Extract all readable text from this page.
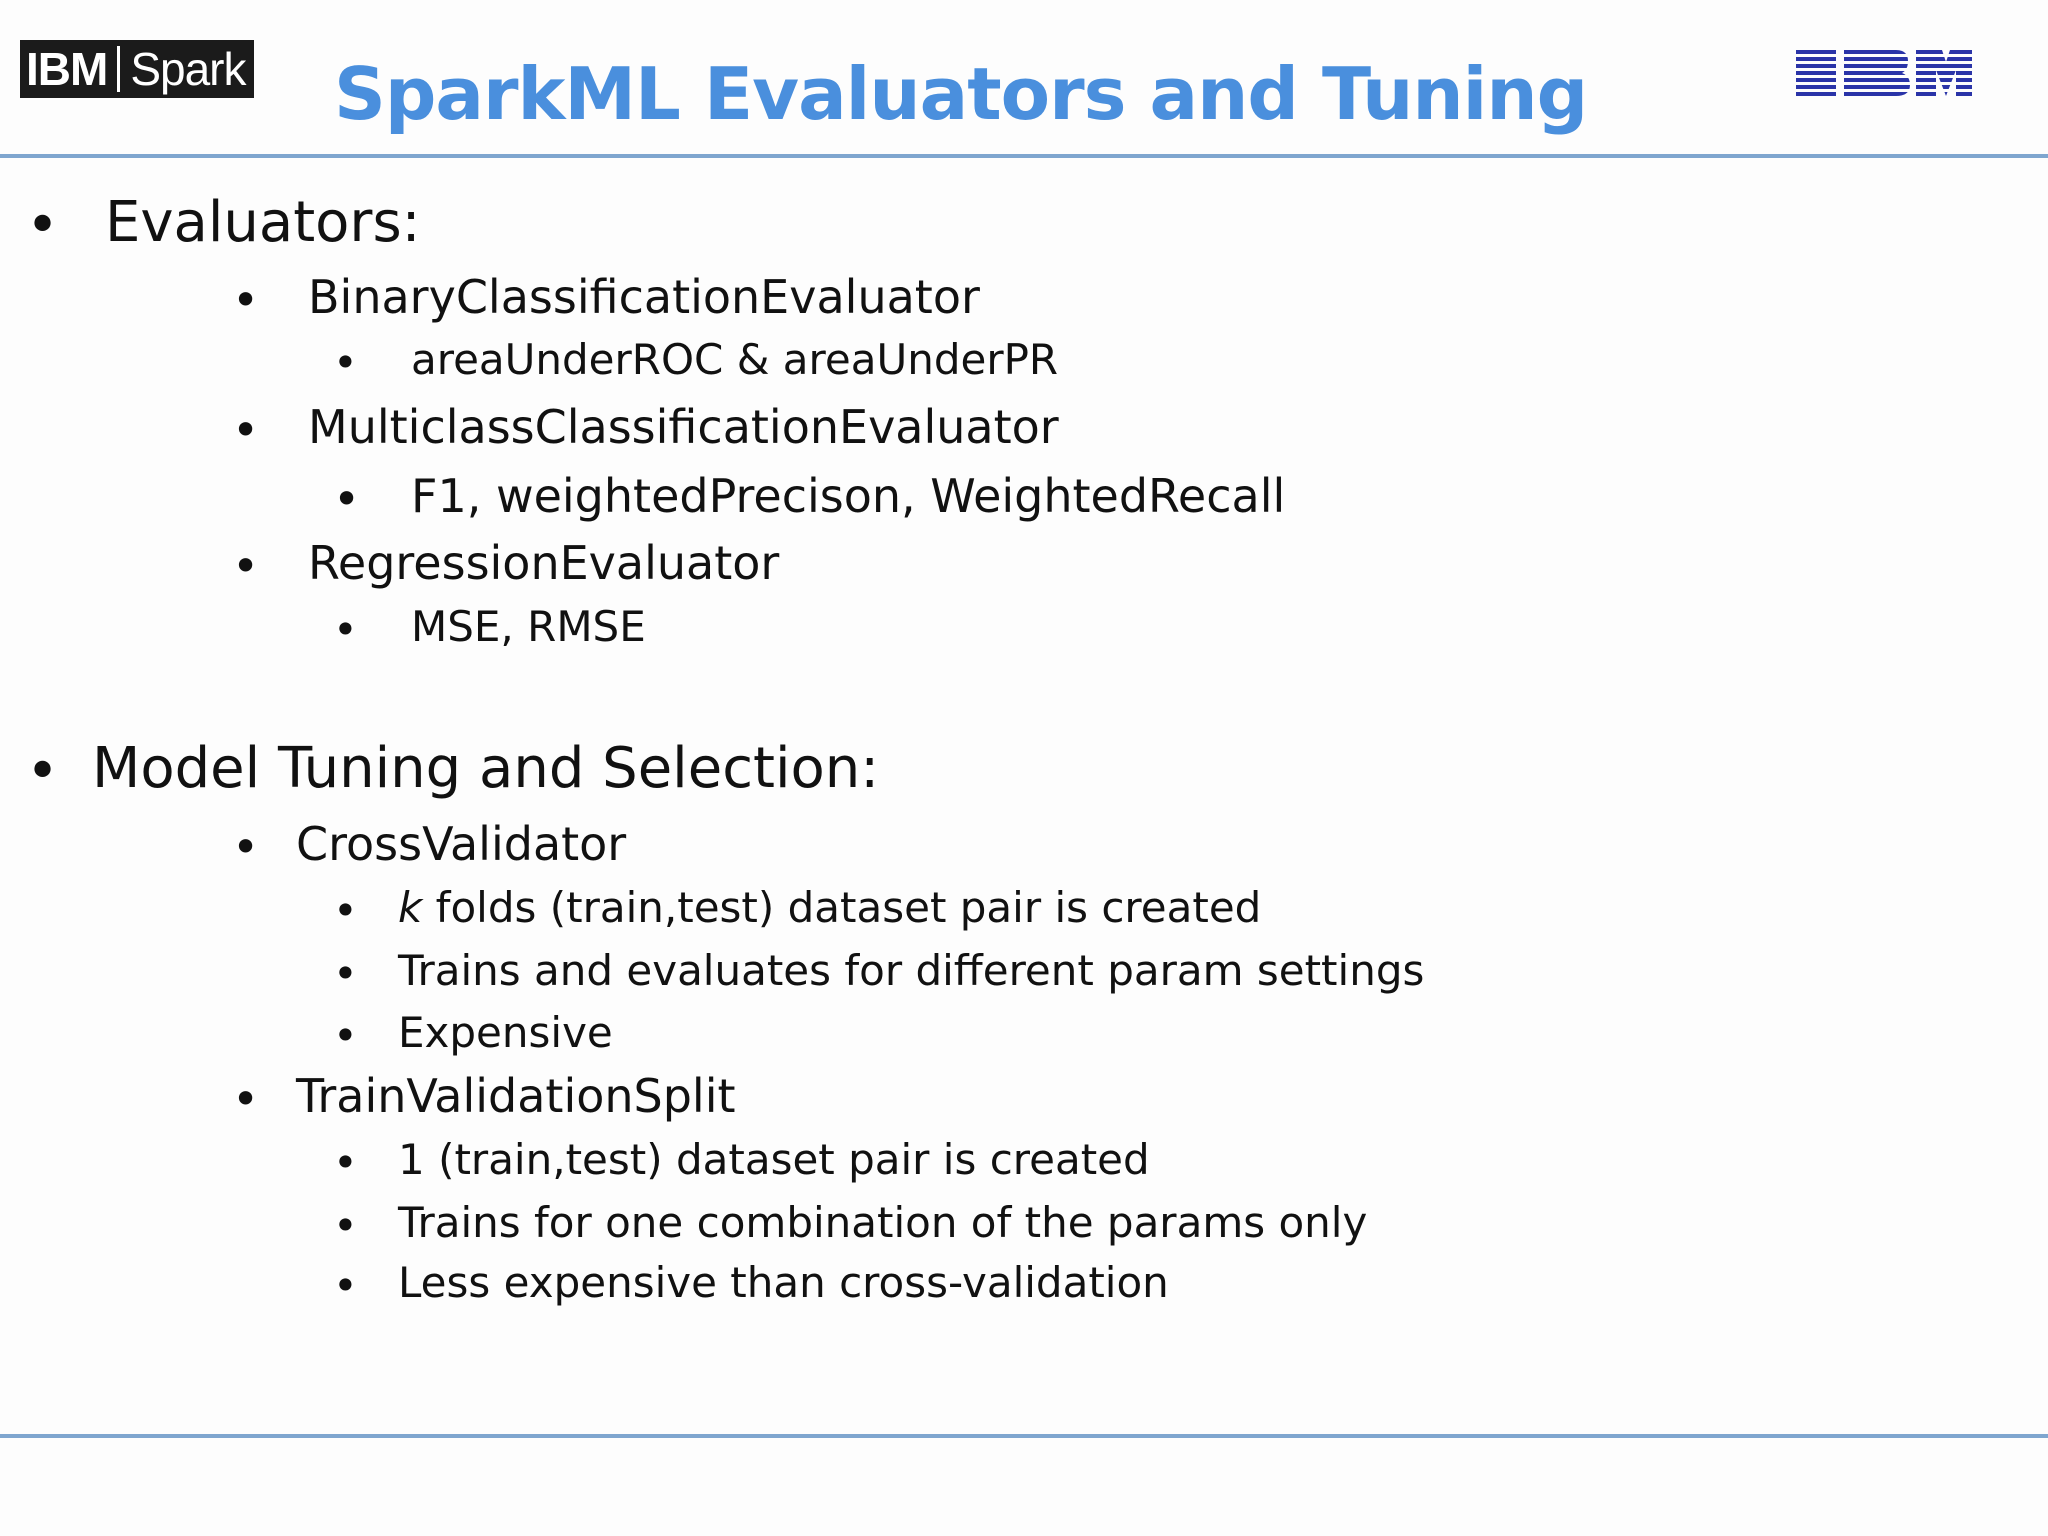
IBM Spark SparkML Evaluators and Tuning
• Evaluators:
• BinaryClassificationEvaluator
• areaUnderROC & areaUnderPR
• MulticlassClassificationEvaluator
• F1, weightedPrecison, WeightedRecall
• RegressionEvaluator
• MSE, RMSE
• Model Tuning and Selection:
• CrossValidator
• k folds (train,test) dataset pair is created
• Trains and evaluates for different param settings
• Expensive
• TrainValidationSplit
• 1 (train,test) dataset pair is created
• Trains for one combination of the params only
• Less expensive than cross-validation
